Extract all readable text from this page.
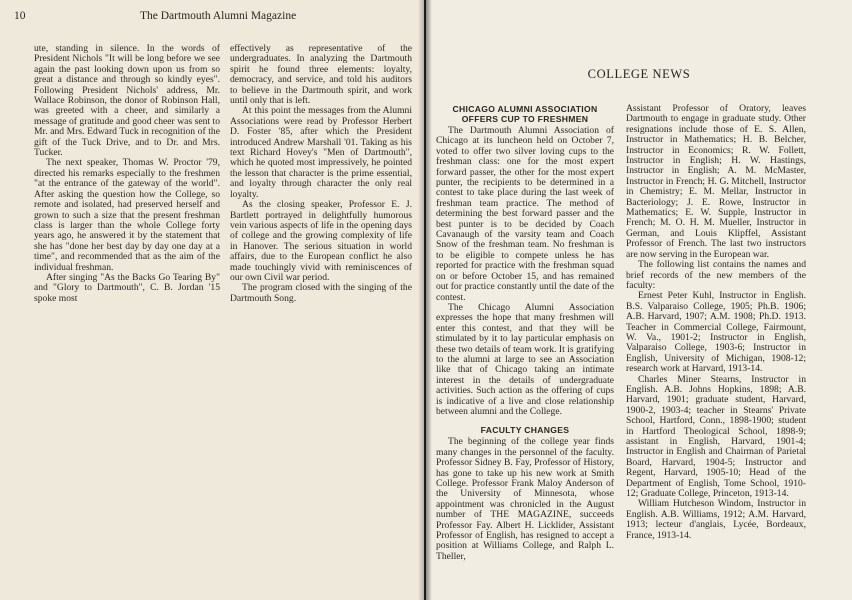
10	The Dartmouth Alumni Magazine

ute, standing in silence. In the words of President Nichols "It will be long before we see again the past looking down upon us from so great a distance and through so kindly eyes". Following President Nichols' address, Mr. Wallace Robinson, the donor of Robinson Hall, was greeted with a cheer, and similarly a message of gratitude and good cheer was sent to Mr. and Mrs. Edward Tuck in recognition of the gift of the Tuck Drive, and to Dr. and Mrs. Tucker.

The next speaker, Thomas W. Proctor '79, directed his remarks especially to the freshmen "at the entrance of the gateway of the world". After asking the question how the College, so remote and isolated, had preserved herself and grown to such a size that the present freshman class is larger than the whole College forty years ago, he answered it by the statement that she has "done her best day by day one day at a time", and recommended that as the aim of the individual freshman.

After singing "As the Backs Go Tearing By" and "Glory to Dartmouth", C. B. Jordan '15 spoke most

effectively as representative of the undergraduates. In analyzing the Dartmouth spirit he found three elements: loyalty, democracy, and service, and told his auditors to believe in the Dartmouth spirit, and work until only that is left.

At this point the messages from the Alumni Associations were read by Professor Herbert D. Foster '85, after which the President introduced Andrew Marshall '01. Taking as his text Richard Hovey's "Men of Dartmouth", which he quoted most impressively, he pointed the lesson that character is the prime essential, and loyalty through character the only real loyalty.

As the closing speaker, Professor E. J. Bartlett portrayed in delightfully humorous vein various aspects of life in the opening days of college and the growing complexity of life in Hanover. The serious situation in world affairs, due to the European conflict he also made touchingly vivid with reminiscences of our own Civil war period.

The program closed with the singing of the Dartmouth Song.

COLLEGE NEWS
CHICAGO ALUMNI ASSOCIATION OFFERS CUP TO FRESHMEN

The Dartmouth Alumni Association of Chicago at its luncheon held on October 7, voted to offer two silver loving cups to the freshman class: one for the most expert forward passer, the other for the most expert punter, the recipients to be determined in a contest to take place during the last week of freshman team practice. The method of determining the best forward passer and the best punter is to be decided by Coach Cavanaugh of the varsity team and Coach Snow of the freshman team. No freshman is to be eligible to compete unless he has reported for practice with the freshman squad on or before October 15, and has remained out for practice constantly until the date of the contest.

The Chicago Alumni Association expresses the hope that many freshmen will enter this contest, and that they will be stimulated by it to lay particular emphasis on these two details of team work. It is gratifying to the alumni at large to see an Association like that of Chicago taking an intimate interest in the details of undergraduate activities. Such action as the offering of cups is indicative of a live and close relationship between alumni and the College.

FACULTY CHANGES

The beginning of the college year finds many changes in the personnel of the faculty. Professor Sidney B. Fay, Professor of History, has gone to take up his new work at Smith College. Professor Frank Maloy Anderson of the University of Minnesota, whose appointment was chronicled in the August number of THE MAGAZINE, succeeds Professor Fay. Albert H. Licklider, Assistant Professor of English, has resigned to accept a position at Williams College, and Ralph L. Theller,

Assistant Professor of Oratory, leaves Dartmouth to engage in graduate study. Other resignations include those of E. S. Allen, Instructor in Mathematics; H. B. Belcher, Instructor in Economics; R. W. Follett, Instructor in English; H. W. Hastings, Instructor in English; A. M. McMaster, Instructor in French; H. G. Mitchell, Instructor in Chemistry; E. M. Mellar, Instructor in Bacteriology; J. E. Rowe, Instructor in Mathematics; E. W. Supple, Instructor in French; M. O. H. M. Mueller, Instructor in German, and Louis Klipffel, Assistant Professor of French. The last two instructors are now serving in the European war.

The following list contains the names and brief records of the new members of the faculty:

Ernest Peter Kuhl, Instructor in English. B.S. Valparaiso College, 1905; Ph.B. 1906; A.B. Harvard, 1907; A.M. 1908; Ph.D. 1913. Teacher in Commercial College, Fairmount, W. Va., 1901-2; Instructor in English, Valparaiso College, 1903-6; Instructor in English, University of Michigan, 1908-12; research work at Harvard, 1913-14.

Charles Miner Stearns, Instructor in English. A.B. Johns Hopkins, 1898; A.B. Harvard, 1901; graduate student, Harvard, 1900-2, 1903-4; teacher in Stearns' Private School, Hartford, Conn., 1898-1900; student in Hartford Theological School, 1898-9; assistant in English, Harvard, 1901-4; Instructor in English and Chairman of Parietal Board, Harvard, 1904-5; Instructor and Regent, Harvard, 1905-10; Head of the Department of English, Tome School, 1910-12; Graduate College, Princeton, 1913-14.

William Hutcheson Windom, Instructor in English. A.B. Williams, 1912; A.M. Harvard, 1913; lecteur d'anglais, Lycée, Bordeaux, France, 1913-14.
